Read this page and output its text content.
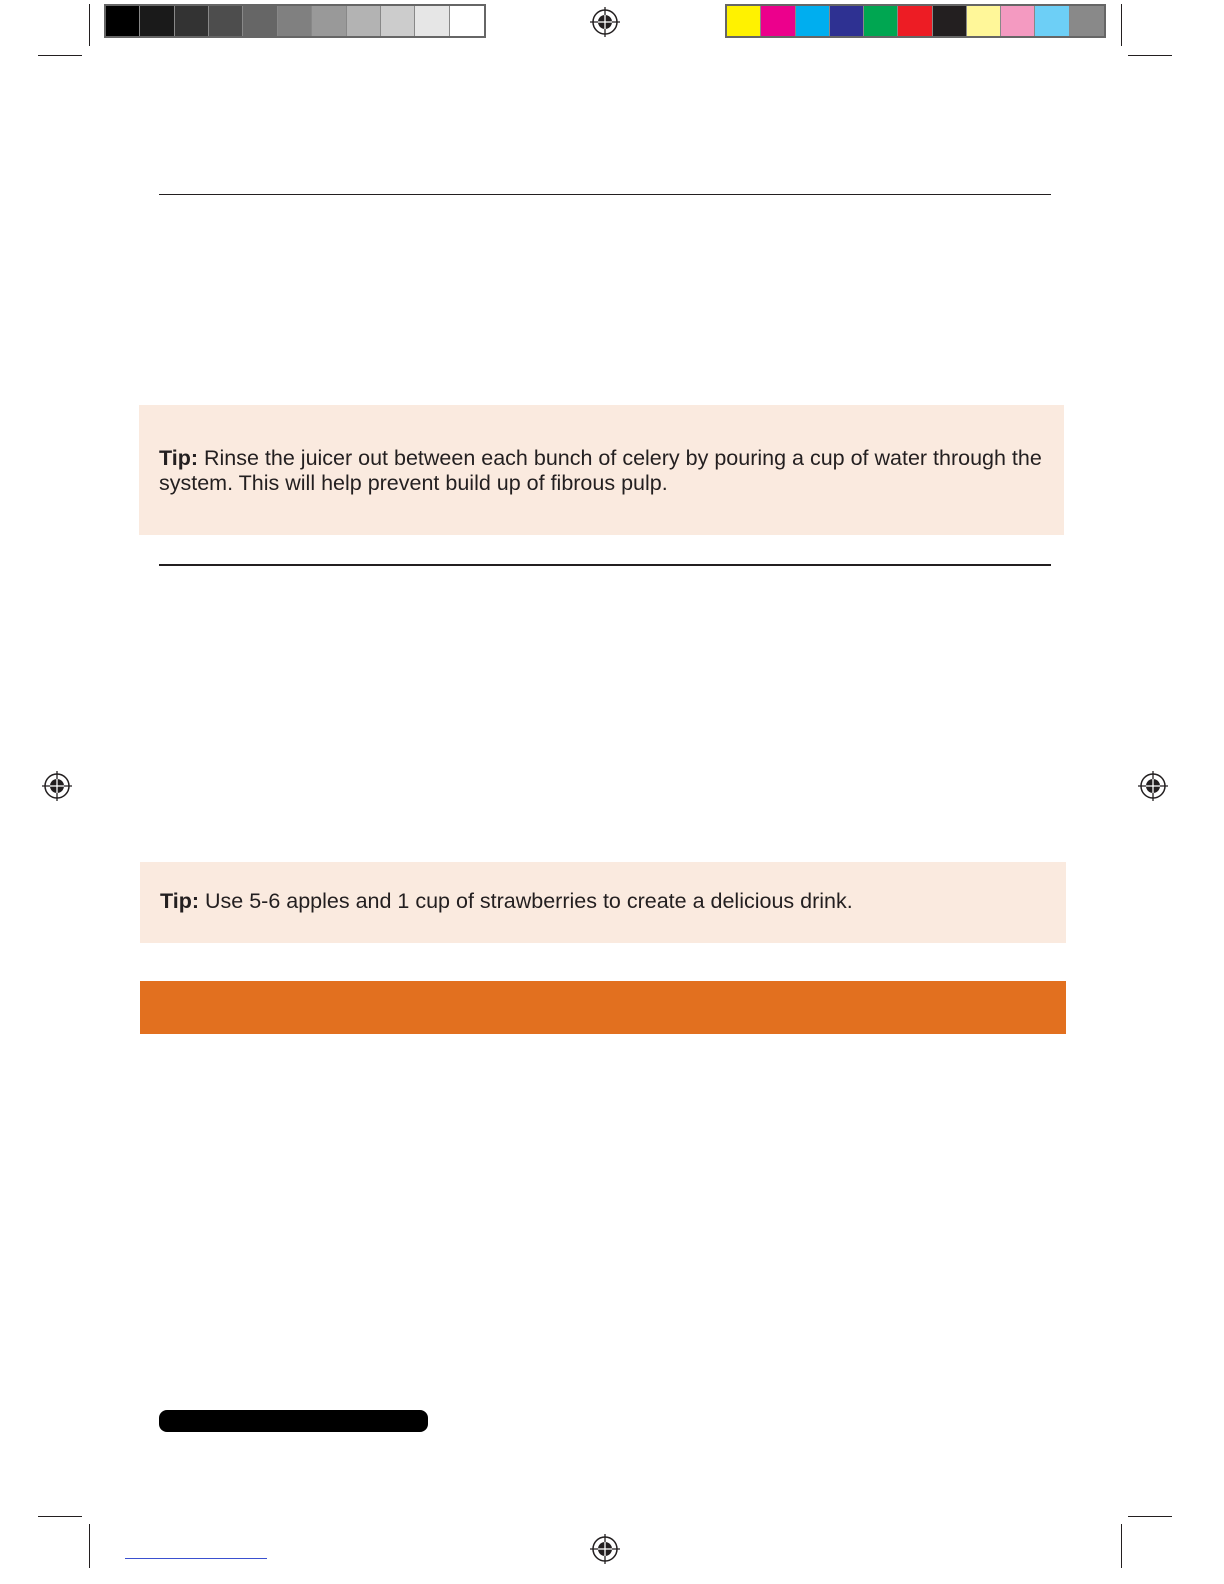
Tip: Rinse the juicer out between each bunch of celery by pouring a cup of water through the system. This will help prevent build up of fibrous pulp.
Tip: Use 5-6 apples and 1 cup of strawberries to create a delicious drink.
